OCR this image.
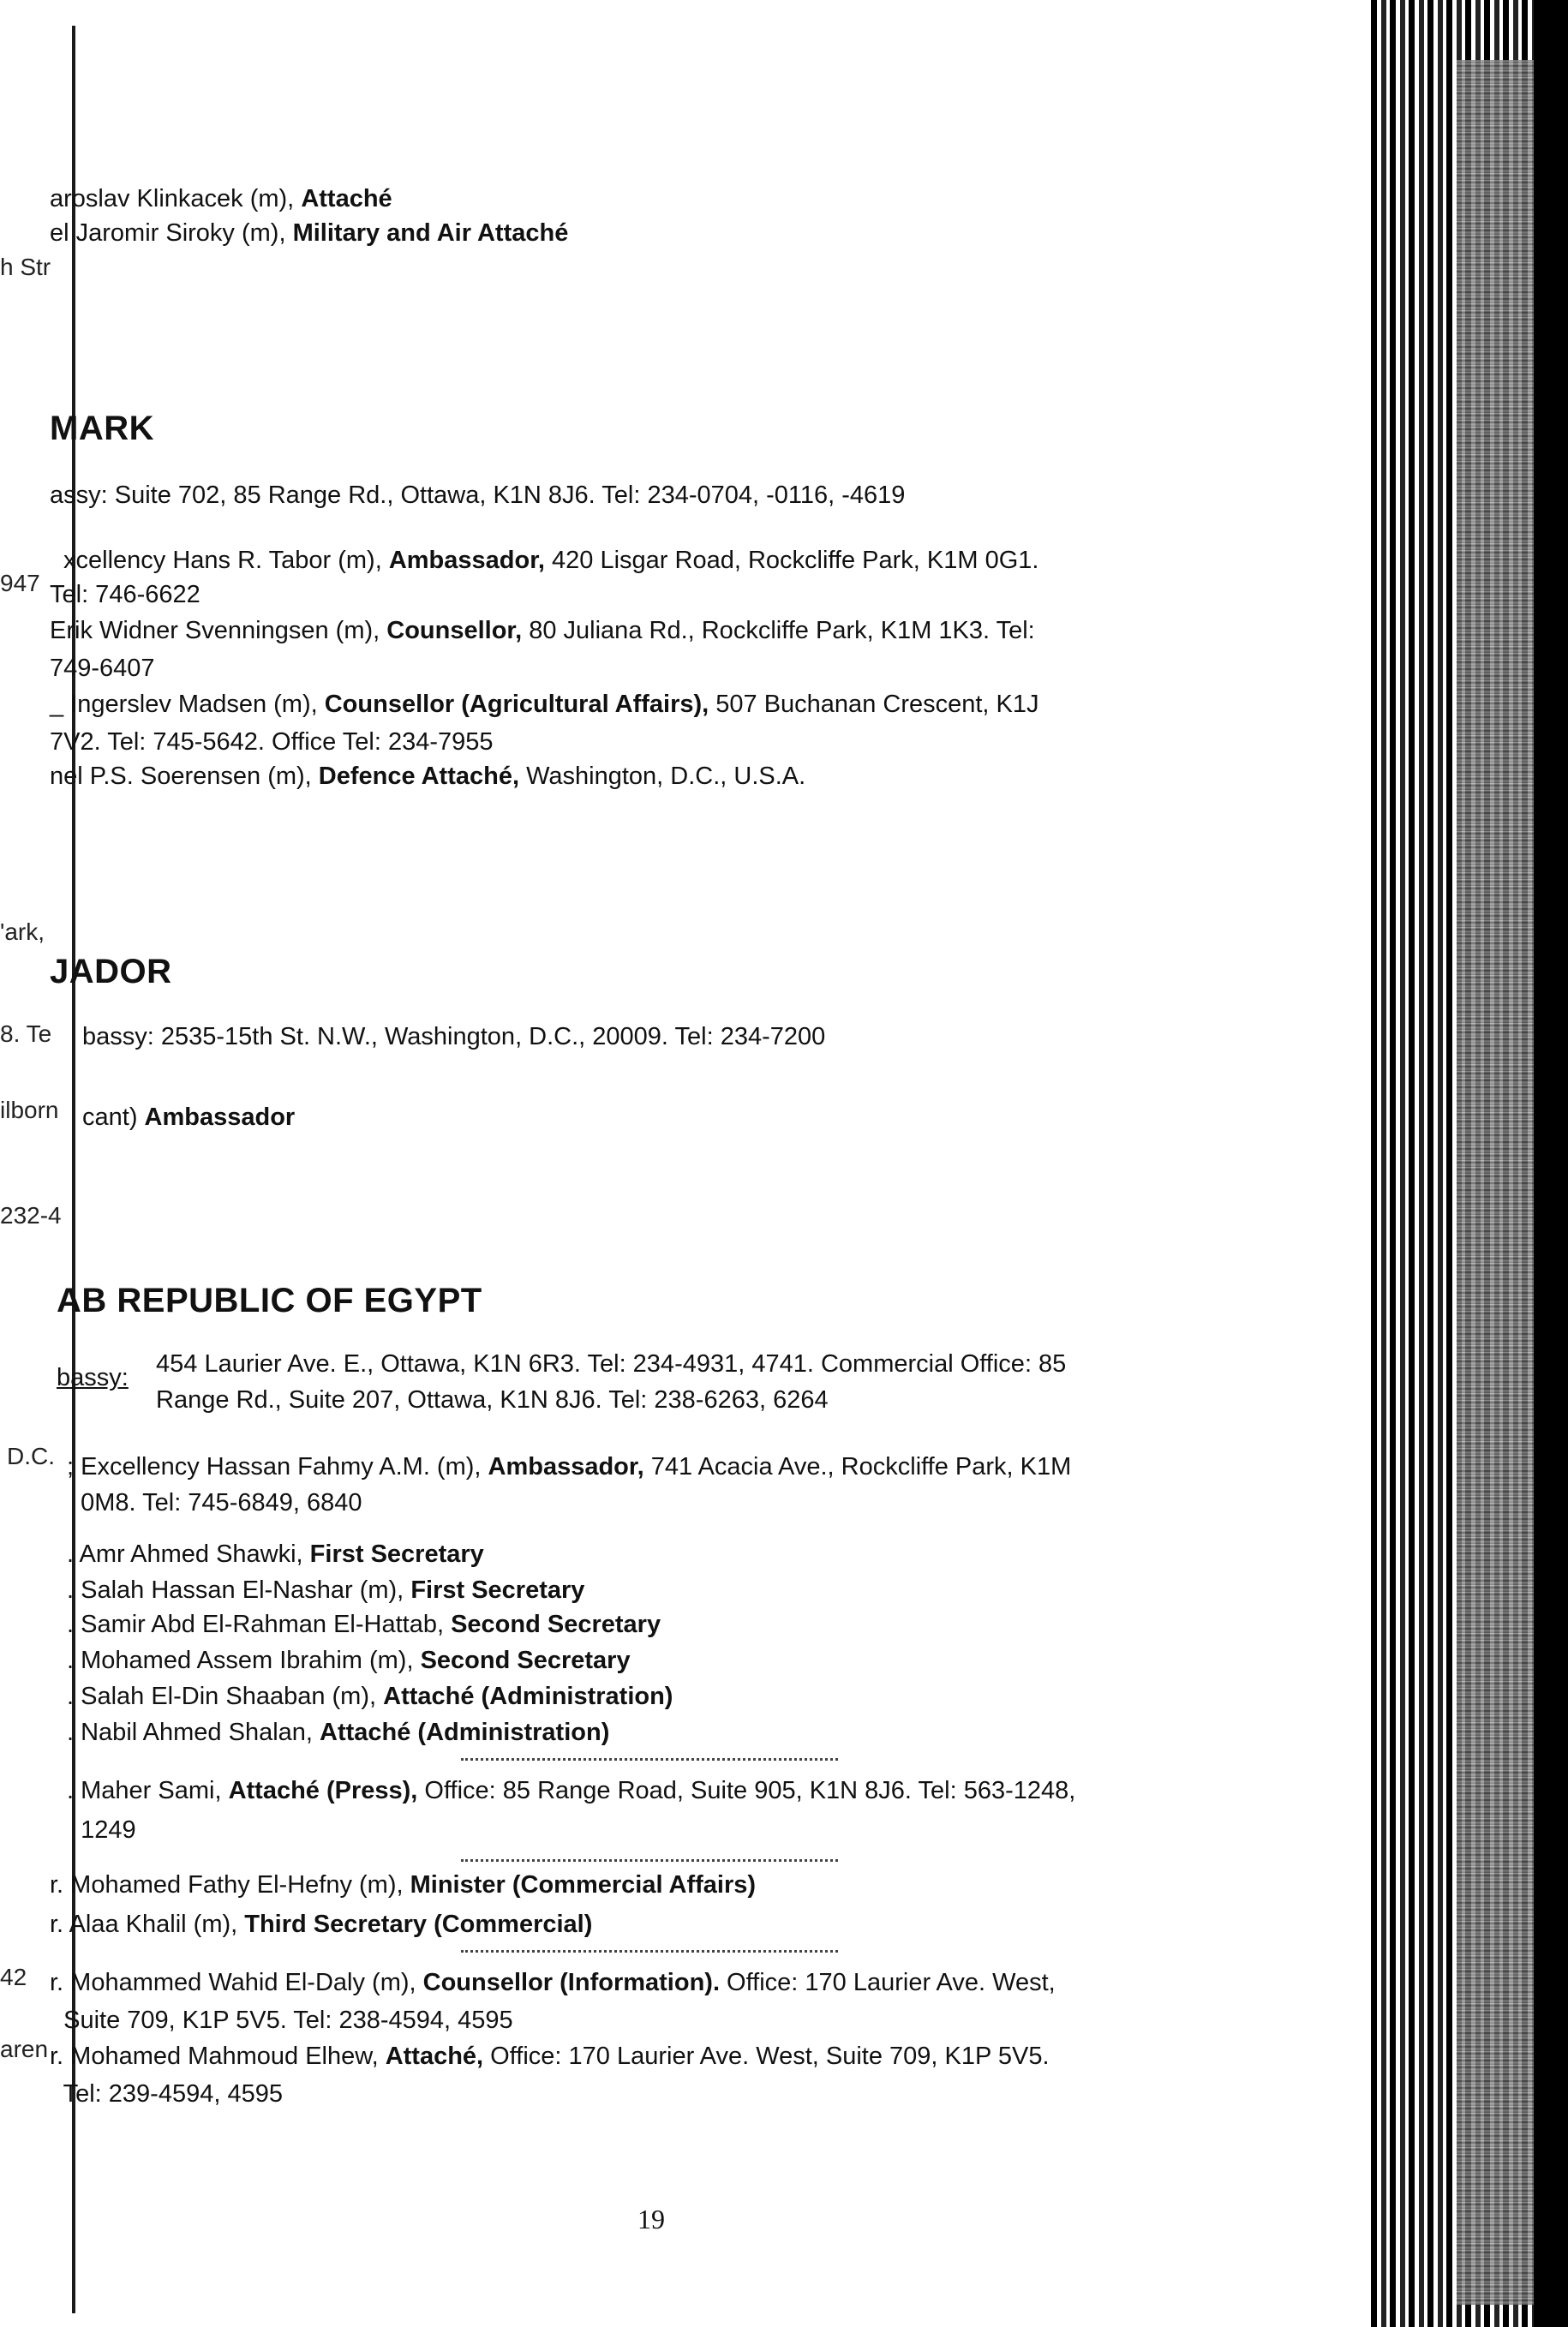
h Str
947
'ark,
8. Te
ilborn
232-4
D.C.
42
aren
aroslav Klinkacek (m), Attaché
el Jaromir Siroky (m), Military and Air Attaché
MARK
assy: Suite 702, 85 Range Rd., Ottawa, K1N 8J6. Tel: 234-0704, -0116, -4619
xcellency Hans R. Tabor (m), Ambassador, 420 Lisgar Road, Rockcliffe Park, K1M 0G1.
Tel: 746-6622
Erik Widner Svenningsen (m), Counsellor, 80 Juliana Rd., Rockcliffe Park, K1M 1K3. Tel:
749-6407
_ Ingerslev Madsen (m), Counsellor (Agricultural Affairs), 507 Buchanan Crescent, K1J
7V2. Tel: 745-5642. Office Tel: 234-7955
nel P.S. Soerensen (m), Defence Attaché, Washington, D.C., U.S.A.
JADOR
bassy: 2535-15th St. N.W., Washington, D.C., 20009. Tel: 234-7200
cant) Ambassador
AB REPUBLIC OF EGYPT
bassy: 454 Laurier Ave. E., Ottawa, K1N 6R3. Tel: 234-4931, 4741. Commercial Office: 85
Range Rd., Suite 207, Ottawa, K1N 8J6. Tel: 238-6263, 6264
; Excellency Hassan Fahmy A.M. (m), Ambassador, 741 Acacia Ave., Rockcliffe Park, K1M
0M8. Tel: 745-6849, 6840
. Amr Ahmed Shawki, First Secretary
. Salah Hassan El-Nashar (m), First Secretary
. Samir Abd El-Rahman El-Hattab, Second Secretary
. Mohamed Assem Ibrahim (m), Second Secretary
. Salah El-Din Shaaban (m), Attaché (Administration)
. Nabil Ahmed Shalan, Attaché (Administration)
. Maher Sami, Attaché (Press), Office: 85 Range Road, Suite 905, K1N 8J6. Tel: 563-1248,
1249
r. Mohamed Fathy El-Hefny (m), Minister (Commercial Affairs)
r. Alaa Khalil (m), Third Secretary (Commercial)
r. Mohammed Wahid El-Daly (m), Counsellor (Information). Office: 170 Laurier Ave. West,
Suite 709, K1P 5V5. Tel: 238-4594, 4595
r. Mohamed Mahmoud Elhew, Attaché, Office: 170 Laurier Ave. West, Suite 709, K1P 5V5.
Tel: 239-4594, 4595
19
